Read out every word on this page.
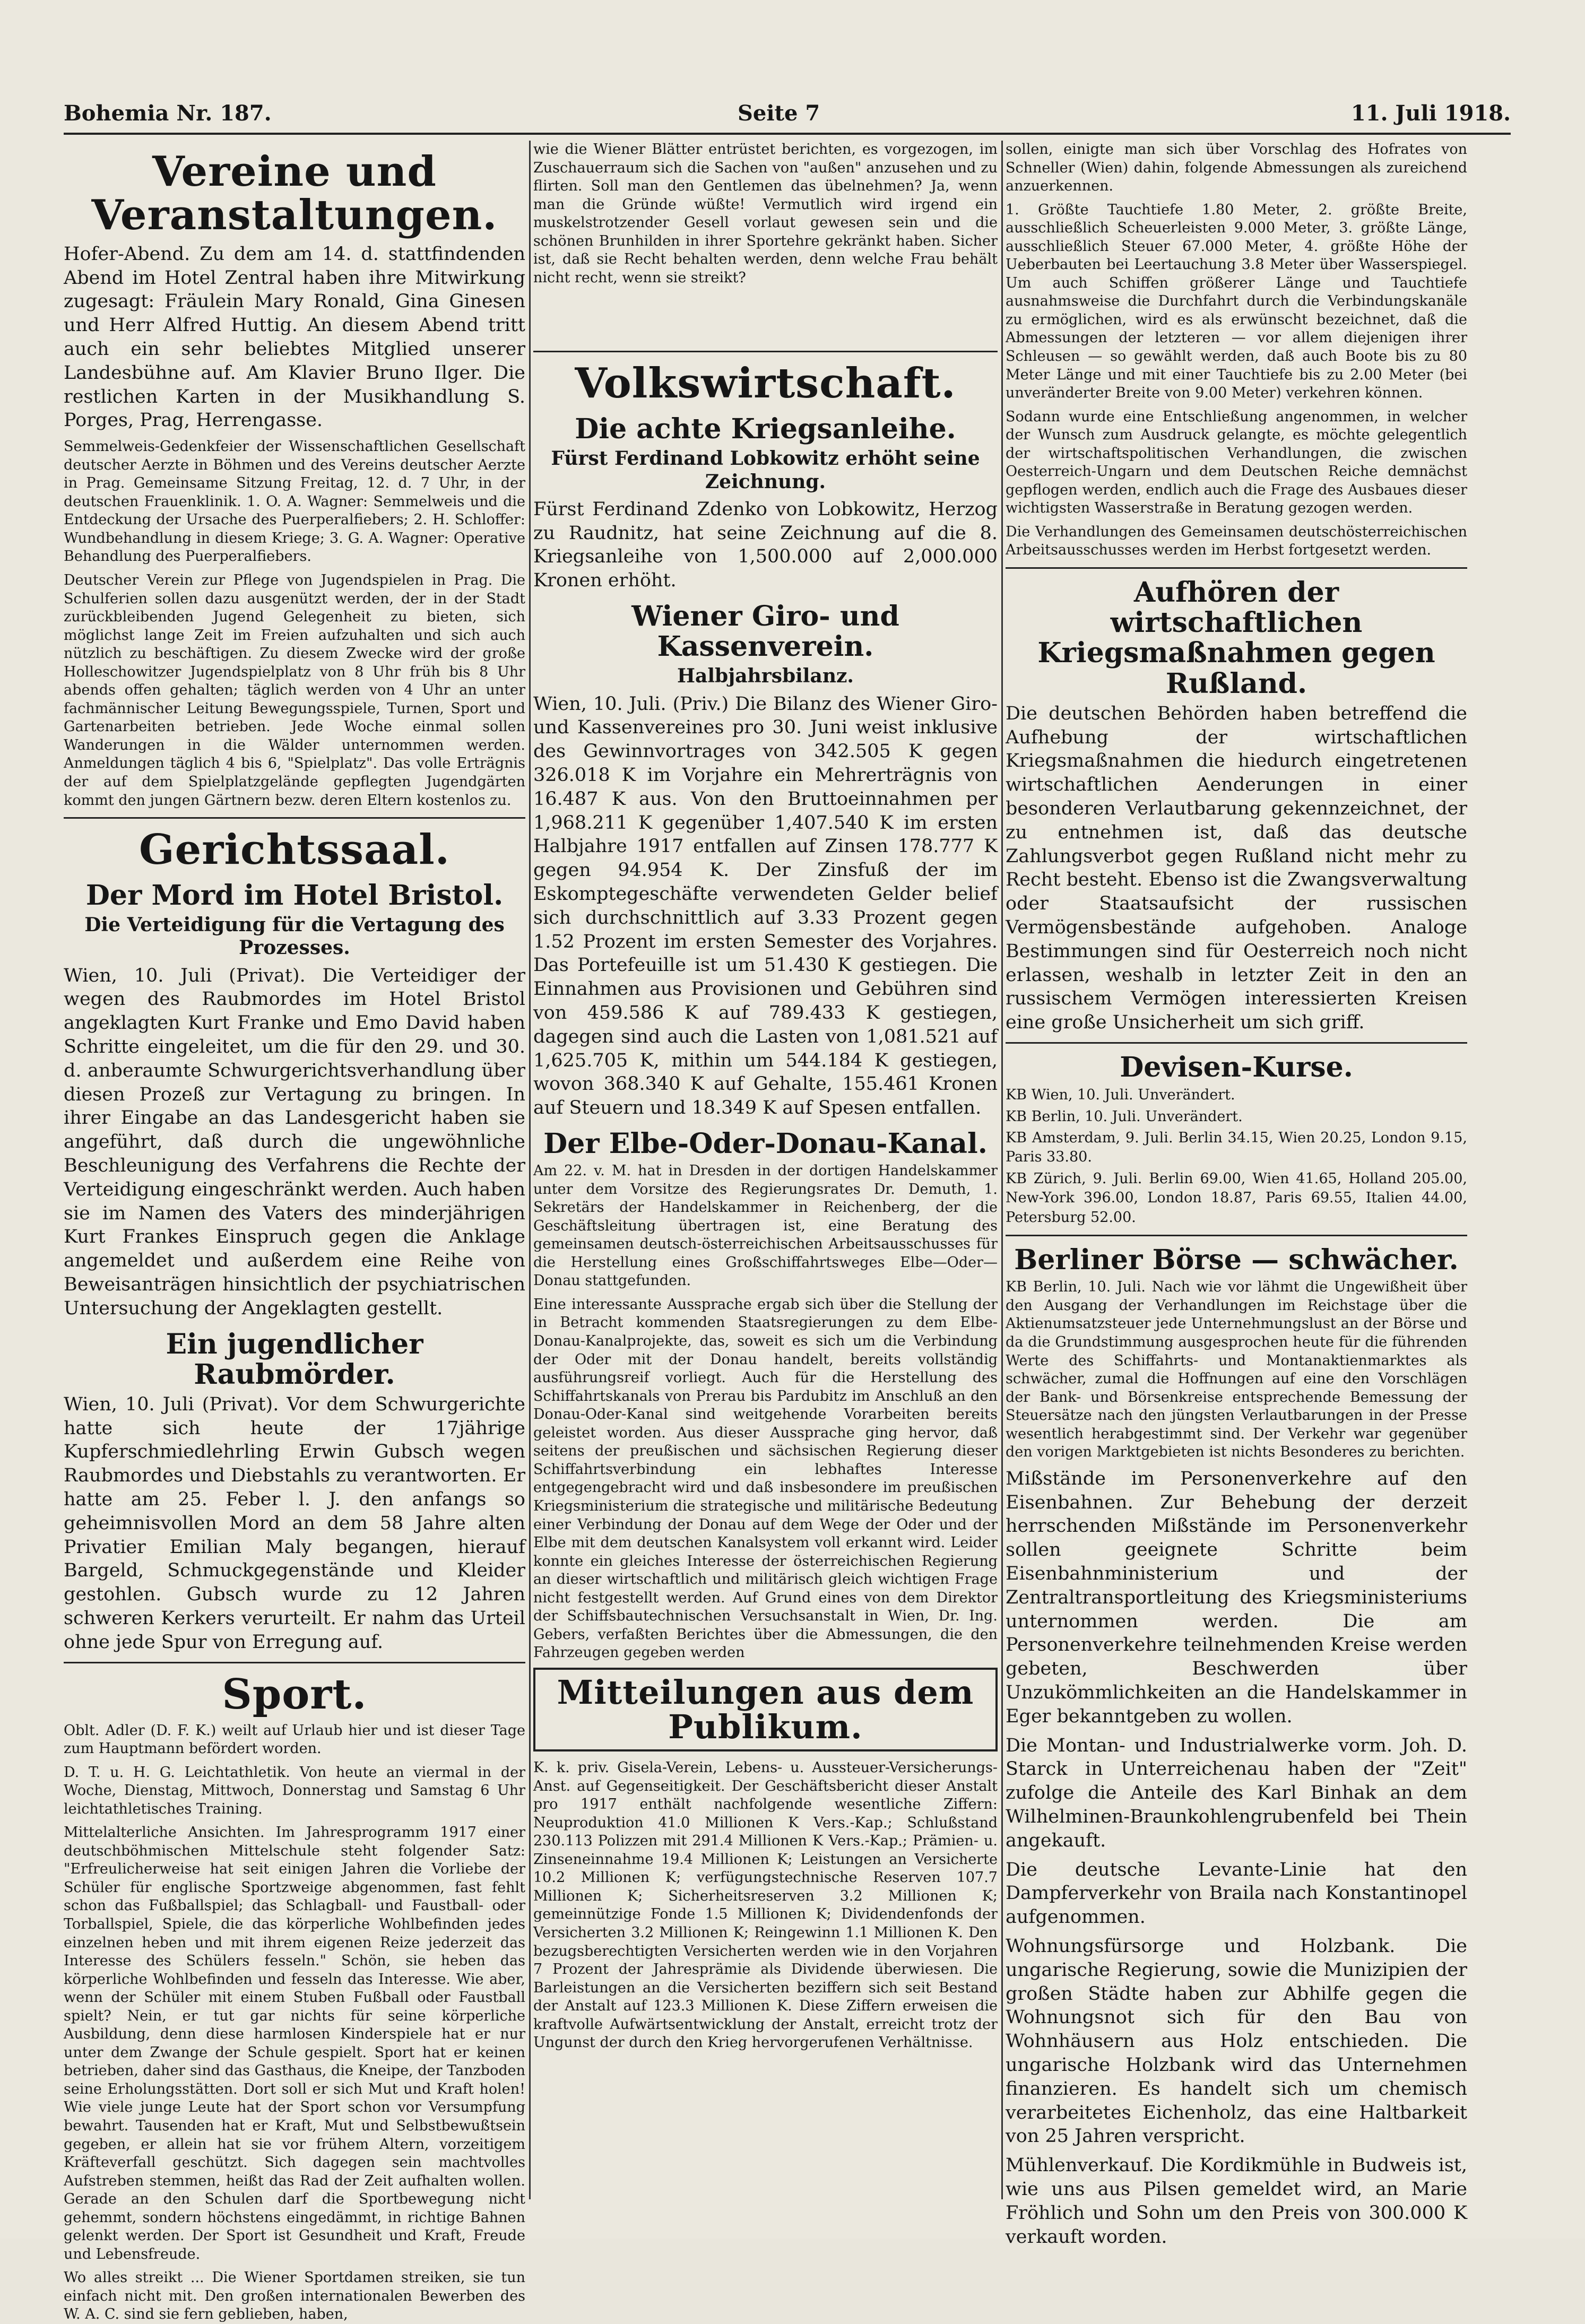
Bohemia Nr. 187.	Seite 7	11. Juli 1918.
Vereine und Veranstaltungen.

Hofer-Abend. Zu dem am 14. d. stattfindenden Abend im Hotel Zentral haben ihre Mitwirkung zugesagt: Fräulein Mary Ronald, Gina Ginesen und Herr Alfred Huttig. An diesem Abend tritt auch ein sehr beliebtes Mitglied unserer Landesbühne auf. Am Klavier Bruno Ilger. Die restlichen Karten in der Musikhandlung S. Porges, Prag, Herrengasse.

Semmelweis-Gedenkfeier der Wissenschaftlichen Gesellschaft deutscher Aerzte in Böhmen und des Vereins deutscher Aerzte in Prag. Gemeinsame Sitzung Freitag, 12. d. 7 Uhr, in der deutschen Frauenklinik. 1. O. A. Wagner: Semmelweis und die Entdeckung der Ursache des Puerperalfiebers; 2. H. Schloffer: Wundbehandlung in diesem Kriege; 3. G. A. Wagner: Operative Behandlung des Puerperalfiebers.

Deutscher Verein zur Pflege von Jugendspielen in Prag. Die Schulferien sollen dazu ausgenützt werden, der in der Stadt zurückbleibenden Jugend Gelegenheit zu bieten, sich möglichst lange Zeit im Freien aufzuhalten und sich auch nützlich zu beschäftigen. Zu diesem Zwecke wird der große Holleschowitzer Jugendspielplatz von 8 Uhr früh bis 8 Uhr abends offen gehalten; täglich werden von 4 Uhr an unter fachmännischer Leitung Bewegungsspiele, Turnen, Sport und Gartenarbeiten betrieben. Jede Woche einmal sollen Wanderungen in die Wälder unternommen werden. Anmeldungen täglich 4 bis 6, "Spielplatz". Das volle Erträgnis der auf dem Spielplatzgelände gepflegten Jugendgärten kommt den jungen Gärtnern bezw. deren Eltern kostenlos zu.

Gerichtssaal.
Der Mord im Hotel Bristol.
Die Verteidigung für die Vertagung des Prozesses.

Wien, 10. Juli (Privat). Die Verteidiger der wegen des Raubmordes im Hotel Bristol angeklagten Kurt Franke und Emo David haben Schritte eingeleitet, um die für den 29. und 30. d. anberaumte Schwurgerichtsverhandlung über diesen Prozeß zur Vertagung zu bringen. In ihrer Eingabe an das Landesgericht haben sie angeführt, daß durch die ungewöhnliche Beschleunigung des Verfahrens die Rechte der Verteidigung eingeschränkt werden. Auch haben sie im Namen des Vaters des minderjährigen Kurt Frankes Einspruch gegen die Anklage angemeldet und außerdem eine Reihe von Beweisanträgen hinsichtlich der psychiatrischen Untersuchung der Angeklagten gestellt.

Ein jugendlicher Raubmörder.

Wien, 10. Juli (Privat). Vor dem Schwurgerichte hatte sich heute der 17jährige Kupferschmiedlehrling Erwin Gubsch wegen Raubmordes und Diebstahls zu verantworten. Er hatte am 25. Feber l. J. den anfangs so geheimnisvollen Mord an dem 58 Jahre alten Privatier Emilian Maly begangen, hierauf Bargeld, Schmuckgegenstände und Kleider gestohlen. Gubsch wurde zu 12 Jahren schweren Kerkers verurteilt. Er nahm das Urteil ohne jede Spur von Erregung auf.

Sport.

Oblt. Adler (D. F. K.) weilt auf Urlaub hier und ist dieser Tage zum Hauptmann befördert worden.

D. T. u. H. G. Leichtathletik. Von heute an viermal in der Woche, Dienstag, Mittwoch, Donnerstag und Samstag 6 Uhr leichtathletisches Training.

Mittelalterliche Ansichten. Im Jahresprogramm 1917 einer deutschböhmischen Mittelschule steht folgender Satz: "Erfreulicherweise hat seit einigen Jahren die Vorliebe der Schüler für englische Sportzweige abgenommen, fast fehlt schon das Fußballspiel; das Schlagball- und Faustball- oder Torballspiel, Spiele, die das körperliche Wohlbefinden jedes einzelnen heben und mit ihrem eigenen Reize jederzeit das Interesse des Schülers fesseln." Schön, sie heben das körperliche Wohlbefinden und fesseln das Interesse. Wie aber, wenn der Schüler mit einem Stuben Fußball oder Faustball spielt? Nein, er tut gar nichts für seine körperliche Ausbildung, denn diese harmlosen Kinderspiele hat er nur unter dem Zwange der Schule gespielt. Sport hat er keinen betrieben, daher sind das Gasthaus, die Kneipe, der Tanzboden seine Erholungsstätten. Dort soll er sich Mut und Kraft holen! Wie viele junge Leute hat der Sport schon vor Versumpfung bewahrt. Tausenden hat er Kraft, Mut und Selbstbewußtsein gegeben, er allein hat sie vor frühem Altern, vorzeitigem Kräfteverfall geschützt. Sich dagegen sein machtvolles Aufstreben stemmen, heißt das Rad der Zeit aufhalten wollen. Gerade an den Schulen darf die Sportbewegung nicht gehemmt, sondern höchstens eingedämmt, in richtige Bahnen gelenkt werden. Der Sport ist Gesundheit und Kraft, Freude und Lebensfreude.

Wo alles streikt ... Die Wiener Sportdamen streiken, sie tun einfach nicht mit. Den großen internationalen Bewerben des W. A. C. sind sie fern geblieben, haben,

wie die Wiener Blätter entrüstet berichten, es vorgezogen, im Zuschauerraum sich die Sachen von "außen" anzusehen und zu flirten. Soll man den Gentlemen das übelnehmen? Ja, wenn man die Gründe wüßte! Vermutlich wird irgend ein muskelstrotzender Gesell vorlaut gewesen sein und die schönen Brunhilden in ihrer Sportehre gekränkt haben. Sicher ist, daß sie Recht behalten werden, denn welche Frau behält nicht recht, wenn sie streikt?

Volkswirtschaft.
Die achte Kriegsanleihe.
Fürst Ferdinand Lobkowitz erhöht seine Zeichnung.

Fürst Ferdinand Zdenko von Lobkowitz, Herzog zu Raudnitz, hat seine Zeichnung auf die 8. Kriegsanleihe von 1,500.000 auf 2,000.000 Kronen erhöht.

Wiener Giro- und Kassenverein.
Halbjahrsbilanz.

Wien, 10. Juli. (Priv.) Die Bilanz des Wiener Giro- und Kassenvereines pro 30. Juni weist inklusive des Gewinnvortrages von 342.505 K gegen 326.018 K im Vorjahre ein Mehrerträgnis von 16.487 K aus. Von den Bruttoeinnahmen per 1,968.211 K gegenüber 1,407.540 K im ersten Halbjahre 1917 entfallen auf Zinsen 178.777 K gegen 94.954 K. Der Zinsfuß der im Eskomptegeschäfte verwendeten Gelder belief sich durchschnittlich auf 3.33 Prozent gegen 1.52 Prozent im ersten Semester des Vorjahres. Das Portefeuille ist um 51.430 K gestiegen. Die Einnahmen aus Provisionen und Gebühren sind von 459.586 K auf 789.433 K gestiegen, dagegen sind auch die Lasten von 1,081.521 auf 1,625.705 K, mithin um 544.184 K gestiegen, wovon 368.340 K auf Gehalte, 155.461 Kronen auf Steuern und 18.349 K auf Spesen entfallen.

Der Elbe-Oder-Donau-Kanal.

Am 22. v. M. hat in Dresden in der dortigen Handelskammer unter dem Vorsitze des Regierungsrates Dr. Demuth, 1. Sekretärs der Handelskammer in Reichenberg, der die Geschäftsleitung übertragen ist, eine Beratung des gemeinsamen deutsch-österreichischen Arbeitsausschusses für die Herstellung eines Großschiffahrtsweges Elbe—Oder—Donau stattgefunden.

Eine interessante Aussprache ergab sich über die Stellung der in Betracht kommenden Staatsregierungen zu dem Elbe-Donau-Kanalprojekte, das, soweit es sich um die Verbindung der Oder mit der Donau handelt, bereits vollständig ausführungsreif vorliegt. Auch für die Herstellung des Schiffahrtskanals von Prerau bis Pardubitz im Anschluß an den Donau-Oder-Kanal sind weitgehende Vorarbeiten bereits geleistet worden. Aus dieser Aussprache ging hervor, daß seitens der preußischen und sächsischen Regierung dieser Schiffahrtsverbindung ein lebhaftes Interesse entgegengebracht wird und daß insbesondere im preußischen Kriegsministerium die strategische und militärische Bedeutung einer Verbindung der Donau auf dem Wege der Oder und der Elbe mit dem deutschen Kanalsystem voll erkannt wird. Leider konnte ein gleiches Interesse der österreichischen Regierung an dieser wirtschaftlich und militärisch gleich wichtigen Frage nicht festgestellt werden. Auf Grund eines von dem Direktor der Schiffsbautechnischen Versuchsanstalt in Wien, Dr. Ing. Gebers, verfaßten Berichtes über die Abmessungen, die den Fahrzeugen gegeben werden

Mitteilungen aus dem Publikum.

K. k. priv. Gisela-Verein, Lebens- u. Aussteuer-Versicherungs-Anst. auf Gegenseitigkeit. Der Geschäftsbericht dieser Anstalt pro 1917 enthält nachfolgende wesentliche Ziffern: Neuproduktion 41.0 Millionen K Vers.-Kap.; Schlußstand 230.113 Polizzen mit 291.4 Millionen K Vers.-Kap.; Prämien- u. Zinseneinnahme 19.4 Millionen K; Leistungen an Versicherte 10.2 Millionen K; verfügungstechnische Reserven 107.7 Millionen K; Sicherheitsreserven 3.2 Millionen K; gemeinnützige Fonde 1.5 Millionen K; Dividendenfonds der Versicherten 3.2 Millionen K; Reingewinn 1.1 Millionen K. Den bezugsberechtigten Versicherten werden wie in den Vorjahren 7 Prozent der Jahresprämie als Dividende überwiesen. Die Barleistungen an die Versicherten beziffern sich seit Bestand der Anstalt auf 123.3 Millionen K. Diese Ziffern erweisen die kraftvolle Aufwärtsentwicklung der Anstalt, erreicht trotz der Ungunst der durch den Krieg hervorgerufenen Verhältnisse.

sollen, einigte man sich über Vorschlag des Hofrates von Schneller (Wien) dahin, folgende Abmessungen als zureichend anzuerkennen.

1. Größte Tauchtiefe 1.80 Meter, 2. größte Breite, ausschließlich Scheuerleisten 9.000 Meter, 3. größte Länge, ausschließlich Steuer 67.000 Meter, 4. größte Höhe der Ueberbauten bei Leertauchung 3.8 Meter über Wasserspiegel. Um auch Schiffen größerer Länge und Tauchtiefe ausnahmsweise die Durchfahrt durch die Verbindungskanäle zu ermöglichen, wird es als erwünscht bezeichnet, daß die Abmessungen der letzteren — vor allem diejenigen ihrer Schleusen — so gewählt werden, daß auch Boote bis zu 80 Meter Länge und mit einer Tauchtiefe bis zu 2.00 Meter (bei unveränderter Breite von 9.00 Meter) verkehren können.

Sodann wurde eine Entschließung angenommen, in welcher der Wunsch zum Ausdruck gelangte, es möchte gelegentlich der wirtschaftspolitischen Verhandlungen, die zwischen Oesterreich-Ungarn und dem Deutschen Reiche demnächst gepflogen werden, endlich auch die Frage des Ausbaues dieser wichtigsten Wasserstraße in Beratung gezogen werden.

Die Verhandlungen des Gemeinsamen deutschösterreichischen Arbeitsausschusses werden im Herbst fortgesetzt werden.

Aufhören der wirtschaftlichen Kriegsmaßnahmen gegen Rußland.

Die deutschen Behörden haben betreffend die Aufhebung der wirtschaftlichen Kriegsmaßnahmen die hiedurch eingetretenen wirtschaftlichen Aenderungen in einer besonderen Verlautbarung gekennzeichnet, der zu entnehmen ist, daß das deutsche Zahlungsverbot gegen Rußland nicht mehr zu Recht besteht. Ebenso ist die Zwangsverwaltung oder Staatsaufsicht der russischen Vermögensbestände aufgehoben. Analoge Bestimmungen sind für Oesterreich noch nicht erlassen, weshalb in letzter Zeit in den an russischem Vermögen interessierten Kreisen eine große Unsicherheit um sich griff.

Devisen-Kurse.

KB Wien, 10. Juli. Unverändert.

KB Berlin, 10. Juli. Unverändert.

KB Amsterdam, 9. Juli. Berlin 34.15, Wien 20.25, London 9.15, Paris 33.80.

KB Zürich, 9. Juli. Berlin 69.00, Wien 41.65, Holland 205.00, New-York 396.00, London 18.87, Paris 69.55, Italien 44.00, Petersburg 52.00.

Berliner Börse — schwächer.

KB Berlin, 10. Juli. Nach wie vor lähmt die Ungewißheit über den Ausgang der Verhandlungen im Reichstage über die Aktienumsatzsteuer jede Unternehmungslust an der Börse und da die Grundstimmung ausgesprochen heute für die führenden Werte des Schiffahrts- und Montanaktienmarktes als schwächer, zumal die Hoffnungen auf eine den Vorschlägen der Bank- und Börsenkreise entsprechende Bemessung der Steuersätze nach den jüngsten Verlautbarungen in der Presse wesentlich herabgestimmt sind. Der Verkehr war gegenüber den vorigen Marktgebieten ist nichts Besonderes zu berichten.

Mißstände im Personenverkehre auf den Eisenbahnen. Zur Behebung der derzeit herrschenden Mißstände im Personenverkehr sollen geeignete Schritte beim Eisenbahnministerium und der Zentraltransportleitung des Kriegsministeriums unternommen werden. Die am Personenverkehre teilnehmenden Kreise werden gebeten, Beschwerden über Unzukömmlichkeiten an die Handelskammer in Eger bekanntgeben zu wollen.

Die Montan- und Industrialwerke vorm. Joh. D. Starck in Unterreichenau haben der "Zeit" zufolge die Anteile des Karl Binhak an dem Wilhelminen-Braunkohlengrubenfeld bei Thein angekauft.

Die deutsche Levante-Linie hat den Dampferverkehr von Braila nach Konstantinopel aufgenommen.

Wohnungsfürsorge und Holzbank. Die ungarische Regierung, sowie die Munizipien der großen Städte haben zur Abhilfe gegen die Wohnungsnot sich für den Bau von Wohnhäusern aus Holz entschieden. Die ungarische Holzbank wird das Unternehmen finanzieren. Es handelt sich um chemisch verarbeitetes Eichenholz, das eine Haltbarkeit von 25 Jahren verspricht.

Mühlenverkauf. Die Kordikmühle in Budweis ist, wie uns aus Pilsen gemeldet wird, an Marie Fröhlich und Sohn um den Preis von 300.000 K verkauft worden.
